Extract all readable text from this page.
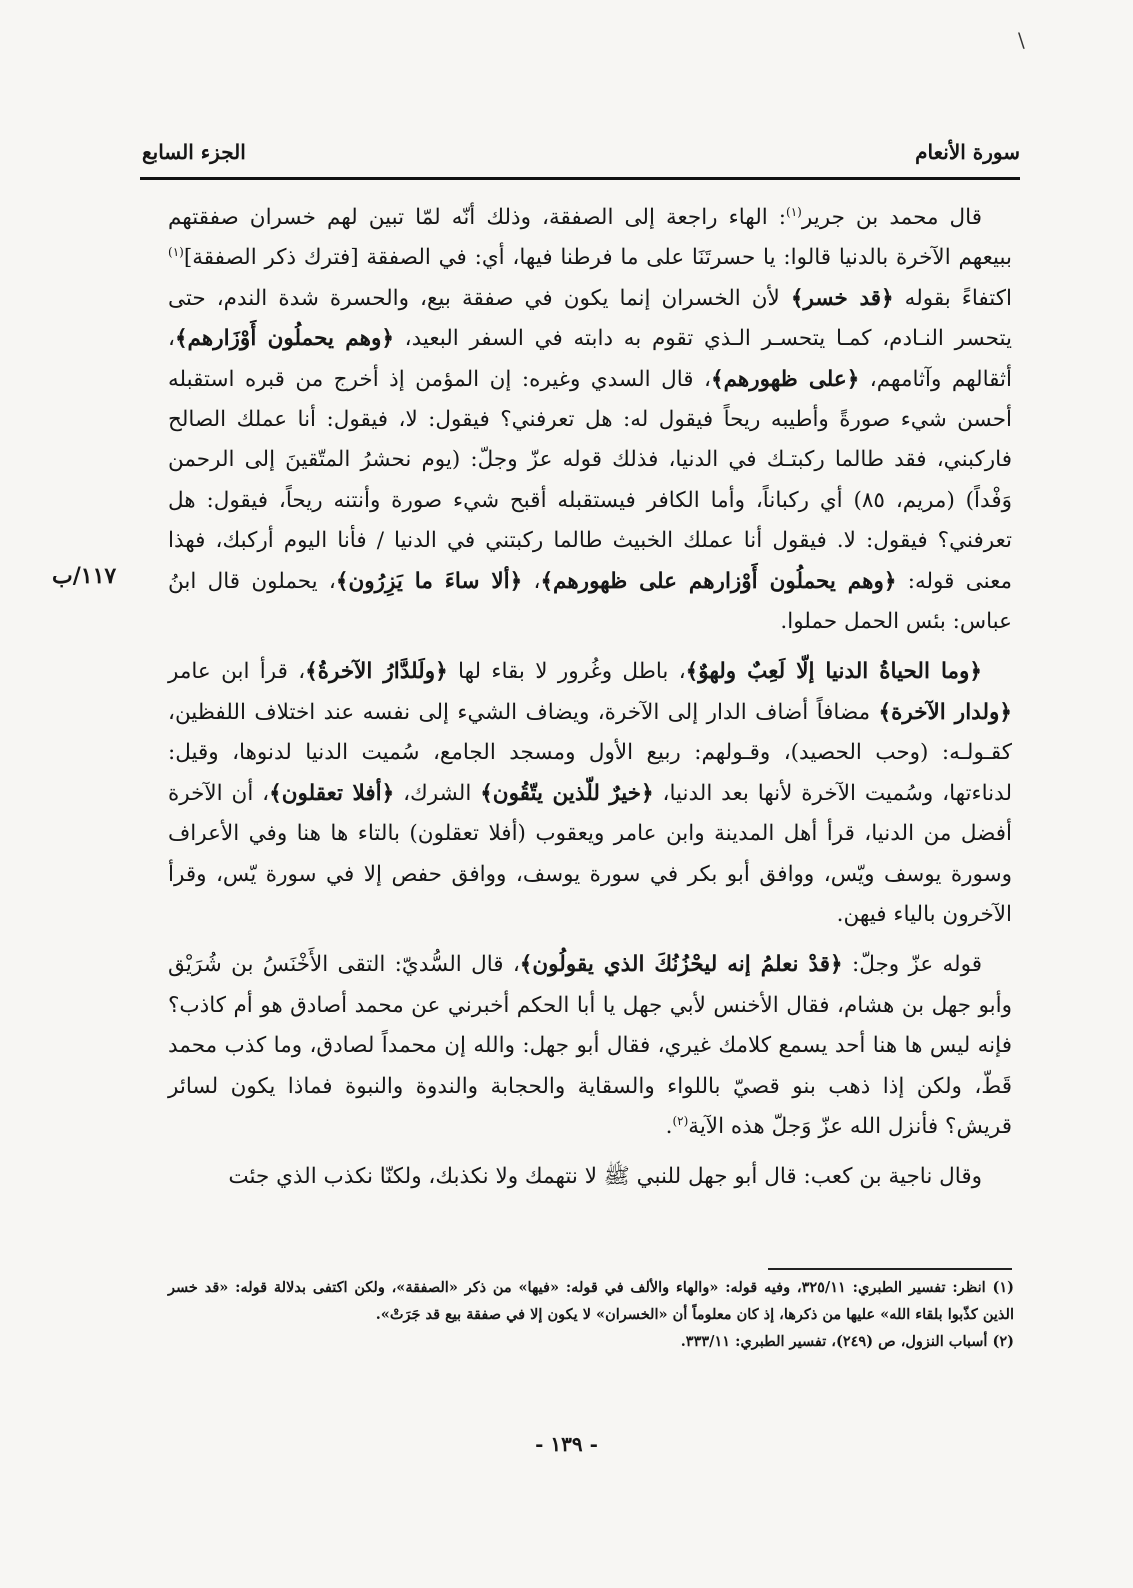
\
سورة الأنعام
الجزء السابع
١١٧/ب

قال محمد بن جرير$^{(١)}$: الهاء راجعة إلى الصفقة، وذلك أنّه لمّا تبين لهم خسران صفقتهم ببيعهم الآخرة بالدنيا قالوا: يا حسرتَنَا على ما فرطنا فيها، أي: في الصفقة [فترك ذكر الصفقة]$^{(١)}$ اكتفاءً بقوله ﴿قد خسر﴾ لأن الخسران إنما يكون في صفقة بيع، والحسرة شدة الندم، حتى يتحسر النـادم، كمـا يتحسـر الـذي تقوم به دابته في السفر البعيد، ﴿وهم يحملُون أَوْزَارهم﴾، أثقالهم وآثامهم، ﴿على ظهورهم﴾، قال السدي وغيره: إن المؤمن إذ أخرج من قبره استقبله أحسن شيء صورةً وأطيبه ريحاً فيقول له: هل تعرفني؟ فيقول: لا، فيقول: أنا عملك الصالح فاركبني، فقد طالما ركبتـك في الدنيا، فذلك قوله عزّ وجلّ: (يوم نحشرُ المتّقينَ إلى الرحمن وَفْداً) (مريم، ٨٥) أي ركباناً، وأما الكافر فيستقبله أقبح شيء صورة وأنتنه ريحاً، فيقول: هل تعرفني؟ فيقول: لا. فيقول أنا عملك الخبيث طالما ركبتني في الدنيا / فأنا اليوم أركبك، فهذا معنى قوله: ﴿وهم يحملُون أَوْزارهم على ظهورهم﴾، ﴿ألا ساءَ ما يَزِرُون﴾، يحملون قال ابنُ عباس: بئس الحمل حملوا.

﴿وما الحياةُ الدنيا إلّا لَعِبٌ ولهوٌ﴾، باطل وغُرور لا بقاء لها ﴿ولَلدَّارُ الآخرةُ﴾، قرأ ابن عامر ﴿ولدار الآخرة﴾ مضافاً أضاف الدار إلى الآخرة، ويضاف الشيء إلى نفسه عند اختلاف اللفظين، كقـولـه: (وحب الحصيد)، وقـولهم: ربيع الأول ومسجد الجامع، سُميت الدنيا لدنوها، وقيل: لدناءتها، وسُميت الآخرة لأنها بعد الدنيا، ﴿خيرٌ للّذين يتّقُون﴾ الشرك، ﴿أفلا تعقلون﴾، أن الآخرة أفضل من الدنيا، قرأ أهل المدينة وابن عامر ويعقوب (أفلا تعقلون) بالتاء ها هنا وفي الأعراف وسورة يوسف ويّس، ووافق أبو بكر في سورة يوسف، ووافق حفص إلا في سورة يّس، وقرأ الآخرون بالياء فيهن.

قوله عزّ وجلّ: ﴿قدْ نعلمُ إنه ليحْزُنُكَ الذي يقولُون﴾، قال السُّديّ: التقى الأَخْنَسُ بن شُرَيْق وأبو جهل بن هشام، فقال الأخنس لأبي جهل يا أبا الحكم أخبرني عن محمد أصادق هو أم كاذب؟ فإنه ليس ها هنا أحد يسمع كلامك غيري، فقال أبو جهل: والله إن محمداً لصادق، وما كذب محمد قَطّ، ولكن إذا ذهب بنو قصيّ باللواء والسقاية والحجابة والندوة والنبوة فماذا يكون لسائر قريش؟ فأنزل الله عزّ وَجلّ هذه الآية$^{(٢)}$.

وقال ناجية بن كعب: قال أبو جهل للنبي ﷺ لا نتهمك ولا نكذبك، ولكنّا نكذب الذي جئت

(١) انظر: تفسير الطبري: ٣٢٥/١١، وفيه قوله: «والهاء والألف في قوله: «فيها» من ذكر «الصفقة»، ولكن اكتفى بدلالة قوله: «قد خسر الذين كذّبوا بلقاء الله» عليها من ذكرها، إذ كان معلوماً أن «الخسران» لا يكون إلا في صفقة بيع قد جَرَتْ».

(٢) أسباب النزول، ص (٢٤٩)، تفسير الطبري: ٣٣٣/١١.

- ١٣٩ -
